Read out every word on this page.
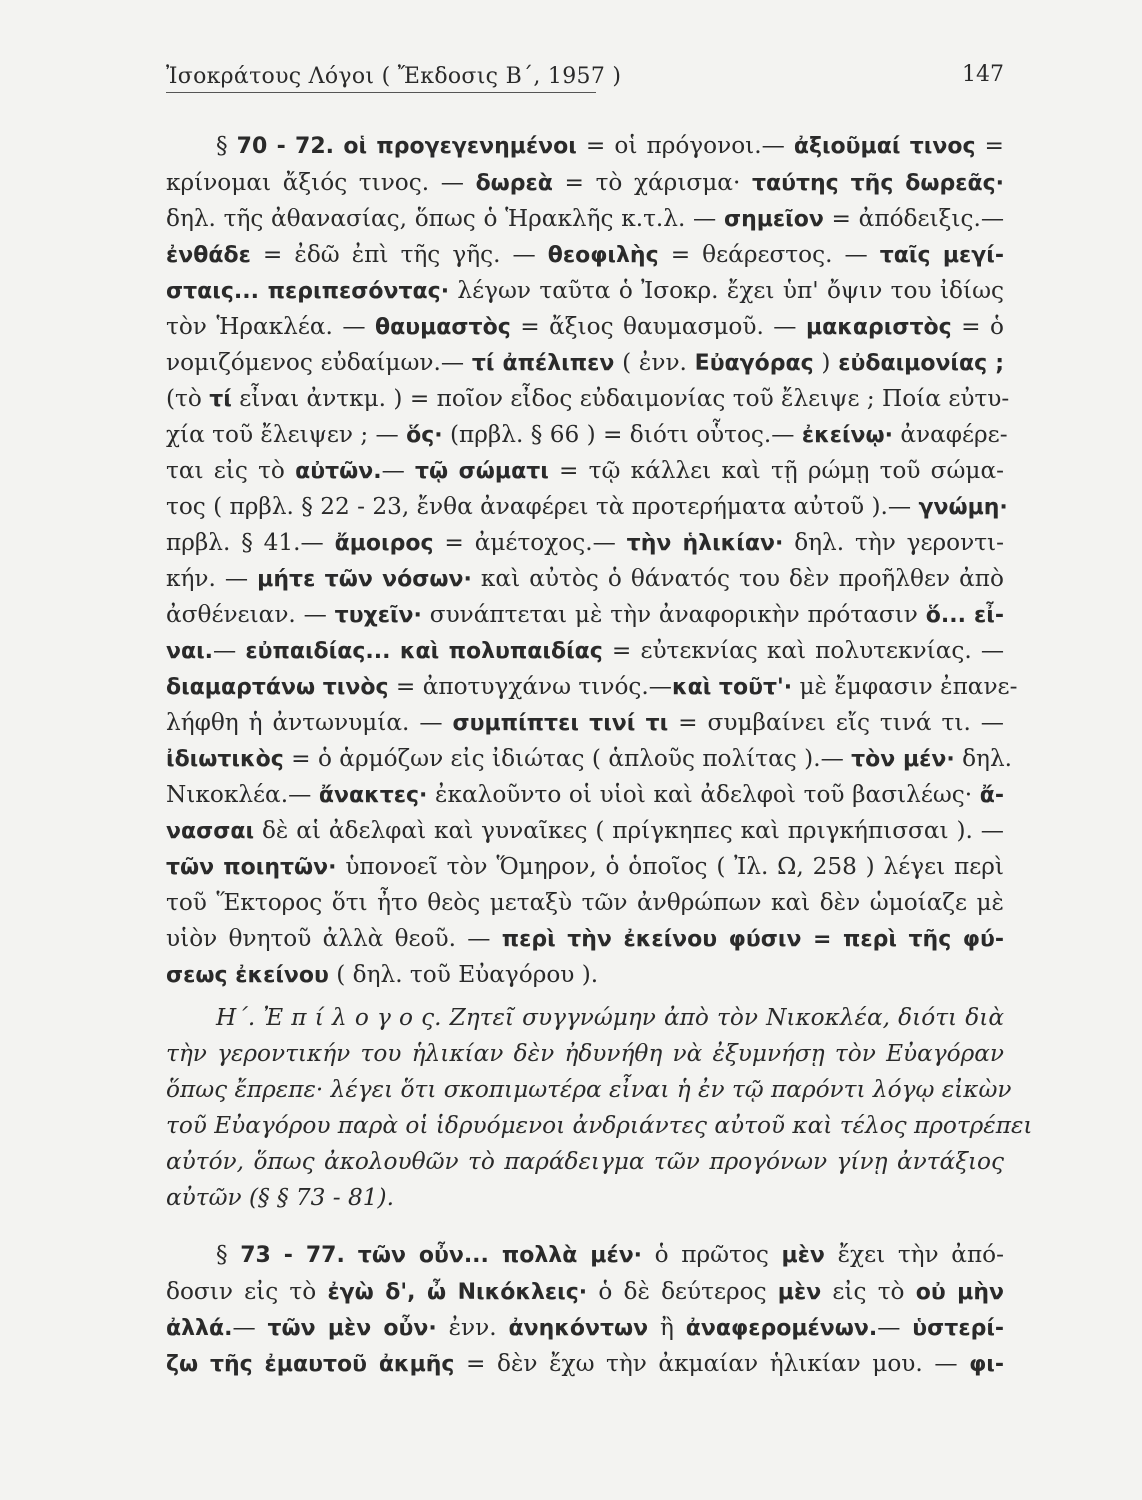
Ἰσοκράτους Λόγοι ( Ἔκδοσις Β΄, 1957 )	147
§ 70 - 72. οἱ προγεγενημένοι = οἱ πρόγονοι.— ἀξιοῦμαί τινος =
κρίνομαι ἄξιός τινος. — δωρεὰ = τὸ χάρισμα· ταύτης τῆς δωρεᾶς·
δηλ. τῆς ἀθανασίας, ὅπως ὁ Ἡρακλῆς κ.τ.λ. — σημεῖον = ἀπόδειξις.—
ἐνθάδε = ἐδῶ ἐπὶ τῆς γῆς. — θεοφιλὴς = θεάρεστος. — ταῖς μεγί-
σταις... περιπεσόντας· λέγων ταῦτα ὁ Ἰσοκρ. ἔχει ὑπ' ὄψιν του ἰδίως
τὸν Ἡρακλέα. — θαυμαστὸς = ἄξιος θαυμασμοῦ. — μακαριστὸς = ὁ
νομιζόμενος εὐδαίμων.— τί ἀπέλιπεν ( ἐνν. Εὐαγόρας ) εὐδαιμονίας ;
(τὸ τί εἶναι ἀντκμ. ) = ποῖον εἶδος εὐδαιμονίας τοῦ ἔλειψε ; Ποία εὐτυ-
χία τοῦ ἔλειψεν ; — ὅς· (πρβλ. § 66 ) = διότι οὗτος.— ἐκείνῳ· ἀναφέρε-
ται εἰς τὸ αὐτῶν.— τῷ σώματι = τῷ κάλλει καὶ τῇ ρώμῃ τοῦ σώμα-
τος ( πρβλ. § 22 - 23, ἔνθα ἀναφέρει τὰ προτερήματα αὐτοῦ ).— γνώμη·
πρβλ. § 41.— ἄμοιρος = ἀμέτοχος.— τὴν ἡλικίαν· δηλ. τὴν γεροντι-
κήν. — μήτε τῶν νόσων· καὶ αὐτὸς ὁ θάνατός του δὲν προῆλθεν ἀπὸ
ἀσθένειαν. — τυχεῖν· συνάπτεται μὲ τὴν ἀναφορικὴν πρότασιν ὅ... εἶ-
ναι.— εὐπαιδίας... καὶ πολυπαιδίας = εὐτεκνίας καὶ πολυτεκνίας. —
διαμαρτάνω τινὸς = ἀποτυγχάνω τινός.—καὶ τοῦτ'· μὲ ἔμφασιν ἐπανε-
λήφθη ἡ ἀντωνυμία. — συμπίπτει τινί τι = συμβαίνει εἴς τινά τι. —
ἰδιωτικὸς = ὁ ἁρμόζων εἰς ἰδιώτας ( ἁπλοῦς πολίτας ).— τὸν μέν· δηλ.
Νικοκλέα.— ἄνακτες· ἐκαλοῦντο οἱ υἱοὶ καὶ ἀδελφοὶ τοῦ βασιλέως· ἄ-
νασσαι δὲ αἱ ἀδελφαὶ καὶ γυναῖκες ( πρίγκηπες καὶ πριγκήπισσαι ). —
τῶν ποιητῶν· ὑπονοεῖ τὸν Ὅμηρον, ὁ ὁποῖος ( Ἰλ. Ω, 258 ) λέγει περὶ
τοῦ Ἕκτορος ὅτι ἦτο θεὸς μεταξὺ τῶν ἀνθρώπων καὶ δὲν ὡμοίαζε μὲ
υἱὸν θνητοῦ ἀλλὰ θεοῦ. — περὶ τὴν ἐκείνου φύσιν = περὶ τῆς φύ-
σεως ἐκείνου ( δηλ. τοῦ Εὐαγόρου ).
Η΄. Ἐ π ί λ ο γ ο ς. Ζητεῖ συγγνώμην ἀπὸ τὸν Νικοκλέα, διότι διὰ
τὴν γεροντικήν του ἡλικίαν δὲν ἠδυνήθη νὰ ἐξυμνήσῃ τὸν Εὐαγόραν
ὅπως ἔπρεπε· λέγει ὅτι σκοπιμωτέρα εἶναι ἡ ἐν τῷ παρόντι λόγῳ εἰκὼν
τοῦ Εὐαγόρου παρὰ οἱ ἱδρυόμενοι ἀνδριάντες αὐτοῦ καὶ τέλος προτρέπει
αὐτόν, ὅπως ἀκολουθῶν τὸ παράδειγμα τῶν προγόνων γίνῃ ἀντάξιος
αὐτῶν (§ § 73 - 81).
§ 73 - 77. τῶν οὖν... πολλὰ μέν· ὁ πρῶτος μὲν ἔχει τὴν ἀπό-
δοσιν εἰς τὸ ἐγὼ δ', ὦ Νικόκλεις· ὁ δὲ δεύτερος μὲν εἰς τὸ οὐ μὴν
ἀλλά.— τῶν μὲν οὖν· ἐνν. ἀνηκόντων ἢ ἀναφερομένων.— ὑστερί-
ζω τῆς ἐμαυτοῦ ἀκμῆς = δὲν ἔχω τὴν ἀκμαίαν ἡλικίαν μου. — φι-
